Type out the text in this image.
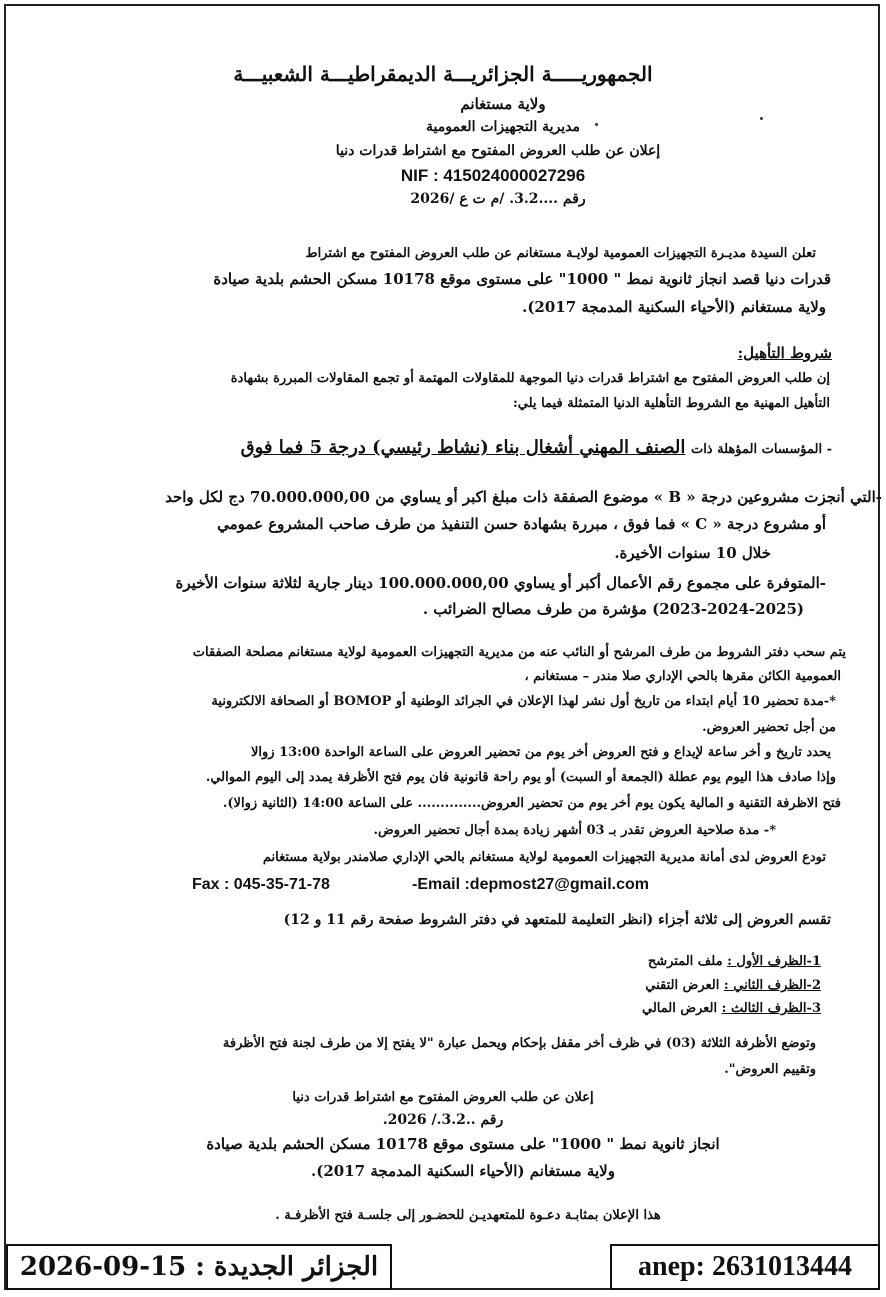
الجمهوريـــــة الجزائريـــة الديمقراطيـــة الشعبيـــة
ولاية مستغانم
مديرية التجهيزات العمومية
إعلان عن طلب العروض المفتوح مع اشتراط قدرات دنيا
NIF : 415024000027296
رقم ....3.2. /م ت ع /2026
تعلن السيدة مديـرة التجهيزات العمومية لولايـة مستغانم عن طلب العروض المفتوح مع اشتراط
قدرات دنيا قصد انجاز ثانوية نمط " 1000" على مستوى موقع 10178 مسكن الحشم بلدية صيادة
ولاية مستغانم (الأحياء السكنية المدمجة 2017).
شروط التأهيل:
إن طلب العروض المفتوح مع اشتراط قدرات دنيا الموجهة للمقاولات المهتمة أو تجمع المقاولات المبررة بشهادة
التأهيل المهنية مع الشروط التأهلية الدنيا المتمثلة فيما يلي:
- المؤسسات المؤهلة ذات الصنف المهني أشغال بناء (نشاط رئيسي) درجة 5 فما فوق
-التي أنجزت مشروعين درجة « B » موضوع الصفقة ذات مبلغ اكبر أو يساوي من 70.000.000,00 دج لكل واحد
أو مشروع درجة « C » فما فوق ، مبررة بشهادة حسن التنفيذ من طرف صاحب المشروع عمومي
خلال 10 سنوات الأخيرة.
-المتوفرة على مجموع رقم الأعمال أكبر أو يساوي 100.000.000,00 دينار جارية لثلاثة سنوات الأخيرة
(2023-2024-2025) مؤشرة من طرف مصالح الضرائب .
يتم سحب دفتر الشروط من طرف المرشح أو النائب عنه من مديرية التجهيزات العمومية لولاية مستغانم مصلحة الصفقات
العمومية الكائن مقرها بالحي الإداري صلا مندر – مستغانم ،
*-مدة تحضير 10 أيام ابتداء من تاريخ أول نشر لهذا الإعلان في الجرائد الوطنية أو BOMOP أو الصحافة الالكترونية
من أجل تحضير العروض.
يحدد تاريخ و أخر ساعة لإيداع و فتح العروض أخر يوم من تحضير العروض على الساعة الواحدة 13:00 زوالا
وإذا صادف هذا اليوم يوم عطلة (الجمعة أو السبت) أو يوم راحة قانونية فان يوم فتح الأظرفة يمدد إلى اليوم الموالي.
فتح الاظرفة التقنية و المالية يكون يوم أخر يوم من تحضير العروض.............. على الساعة 14:00 (الثانية زوالا).
*- مدة صلاحية العروض تقدر بـ 03 أشهر زيادة بمدة أجال تحضير العروض.
تودع العروض لدى أمانة مديرية التجهيزات العمومية لولاية مستغانم بالحي الإداري صلامندر بولاية مستغانم
Fax : 045-35-71-78	-Email :depmost27@gmail.com
تقسم العروض إلى ثلاثة أجزاء (انظر التعليمة للمتعهد في دفتر الشروط صفحة رقم 11 و 12)
1-الظرف الأول : ملف المترشح
2-الظرف الثاني : العرض التقني
3-الظرف الثالث : العرض المالي
وتوضع الأظرفة الثلاثة (03) في ظرف أخر مقفل بإحكام ويحمل عبارة "لا يفتح إلا من طرف لجنة فتح الأظرفة
وتقييم العروض".
إعلان عن طلب العروض المفتوح مع اشتراط قدرات دنيا
رقم ..3.2./ 2026.
انجاز ثانوية نمط " 1000" على مستوى موقع 10178 مسكن الحشم بلدية صيادة
ولاية مستغانم (الأحياء السكنية المدمجة 2017).
هذا الإعلان بمثابـة دعـوة للمتعهديـن للحضـور إلى جلسـة فتح الأظرفـة .
الجزائر الجديدة : 15-09-2026	anep: 2631013444
